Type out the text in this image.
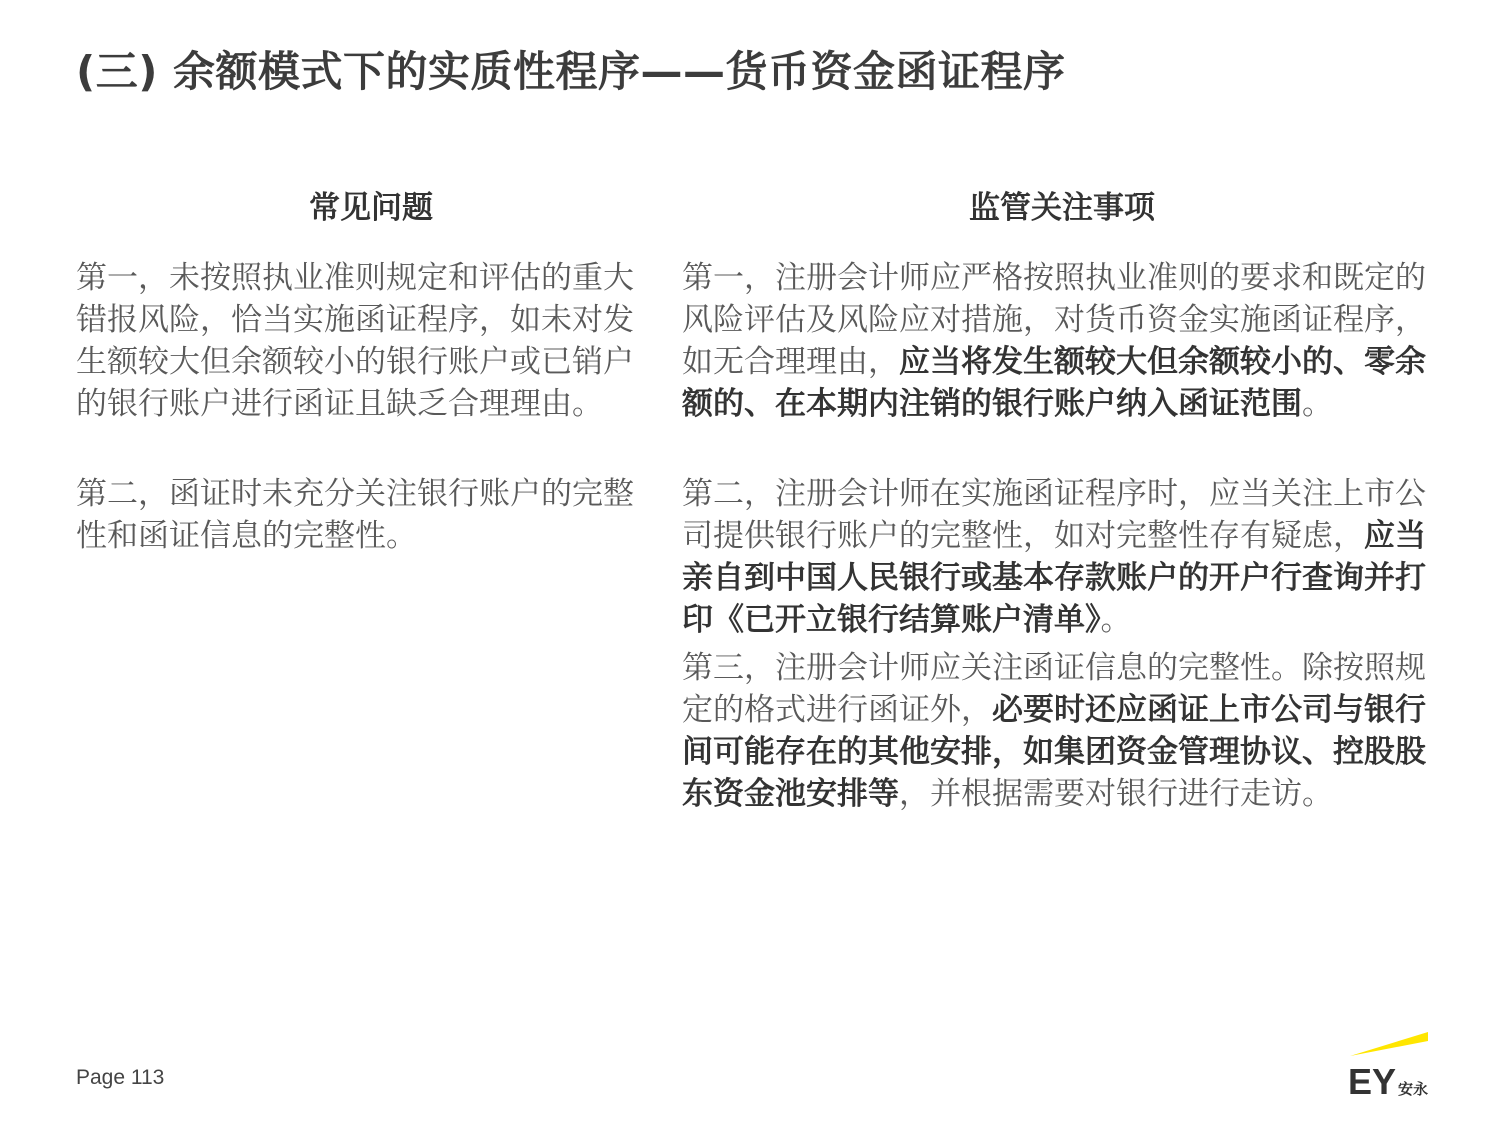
(三) 余额模式下的实质性程序——货币资金函证程序
常见问题	监管关注事项

第一，未按照执业准则规定和评估的重大错报风险，恰当实施函证程序，如未对发生额较大但余额较小的银行账户或已销户的银行账户进行函证且缺乏合理理由。

第二，函证时未充分关注银行账户的完整性和函证信息的完整性。

第一，注册会计师应严格按照执业准则的要求和既定的风险评估及风险应对措施，对货币资金实施函证程序，如无合理理由，应当将发生额较大但余额较小的、零余额的、在本期内注销的银行账户纳入函证范围。

第二，注册会计师在实施函证程序时，应当关注上市公司提供银行账户的完整性，如对完整性存有疑虑，应当亲自到中国人民银行或基本存款账户的开户行查询并打印《已开立银行结算账户清单》。

第三，注册会计师应关注函证信息的完整性。除按照规定的格式进行函证外，必要时还应函证上市公司与银行间可能存在的其他安排，如集团资金管理协议、控股股东资金池安排等，并根据需要对银行进行走访。

Page 113	EY 安永
